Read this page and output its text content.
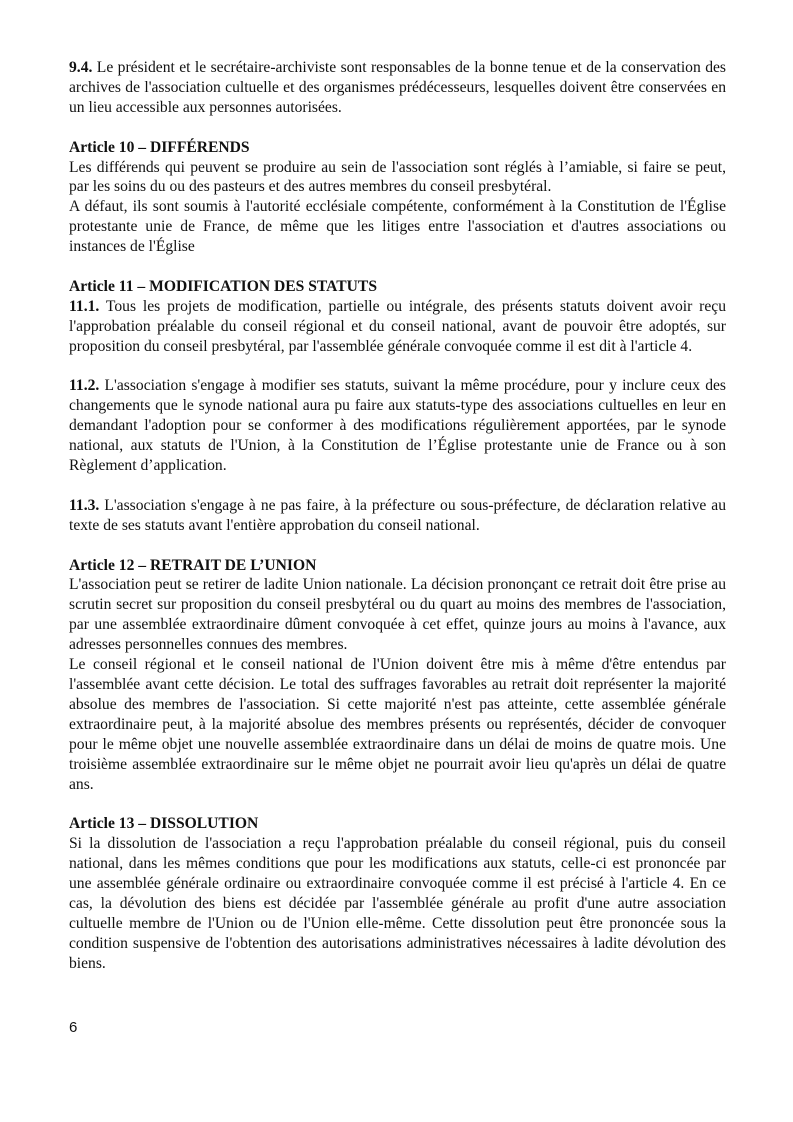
9.4. Le président et le secrétaire-archiviste sont responsables de la bonne tenue et de la conservation des archives de l'association cultuelle et des organismes prédécesseurs, lesquelles doivent être conservées en un lieu accessible aux personnes autorisées.

Article 10 – DIFFÉRENDS

Les différends qui peuvent se produire au sein de l'association sont réglés à l’amiable, si faire se peut, par les soins du ou des pasteurs et des autres membres du conseil presbytéral.

A défaut, ils sont soumis à l'autorité ecclésiale compétente, conformément à la Constitution de l'Église protestante unie de France, de même que les litiges entre l'association et d'autres associations ou instances de l'Église

Article 11 – MODIFICATION DES STATUTS

11.1. Tous les projets de modification, partielle ou intégrale, des présents statuts doivent avoir reçu l'approbation préalable du conseil régional et du conseil national, avant de pouvoir être adoptés, sur proposition du conseil presbytéral, par l'assemblée générale convoquée comme il est dit à l'article 4.

11.2. L'association s'engage à modifier ses statuts, suivant la même procédure, pour y inclure ceux des changements que le synode national aura pu faire aux statuts-type des associations cultuelles en leur en demandant l'adoption pour se conformer à des modifications régulièrement apportées, par le synode national, aux statuts de l'Union, à la Constitution de l’Église protestante unie de France ou à son Règlement d’application.

11.3. L'association s'engage à ne pas faire, à la préfecture ou sous-préfecture, de déclaration relative au texte de ses statuts avant l'entière approbation du conseil national.

Article 12 – RETRAIT DE L’UNION

L'association peut se retirer de ladite Union nationale. La décision prononçant ce retrait doit être prise au scrutin secret sur proposition du conseil presbytéral ou du quart au moins des membres de l'association, par une assemblée extraordinaire dûment convoquée à cet effet, quinze jours au moins à l'avance, aux adresses personnelles connues des membres.

Le conseil régional et le conseil national de l'Union doivent être mis à même d'être entendus par l'assemblée avant cette décision. Le total des suffrages favorables au retrait doit représenter la majorité absolue des membres de l'association. Si cette majorité n'est pas atteinte, cette assemblée générale extraordinaire peut, à la majorité absolue des membres présents ou représentés, décider de convoquer pour le même objet une nouvelle assemblée extraordinaire dans un délai de moins de quatre mois. Une troisième assemblée extraordinaire sur le même objet ne pourrait avoir lieu qu'après un délai de quatre ans.

Article 13 – DISSOLUTION

Si la dissolution de l'association a reçu l'approbation préalable du conseil régional, puis du conseil national, dans les mêmes conditions que pour les modifications aux statuts, celle-ci est prononcée par une assemblée générale ordinaire ou extraordinaire convoquée comme il est précisé à l'article 4. En ce cas, la dévolution des biens est décidée par l'assemblée générale au profit d'une autre association cultuelle membre de l'Union ou de l'Union elle-même. Cette dissolution peut être prononcée sous la condition suspensive de l'obtention des autorisations administratives nécessaires à ladite dévolution des biens.

6
